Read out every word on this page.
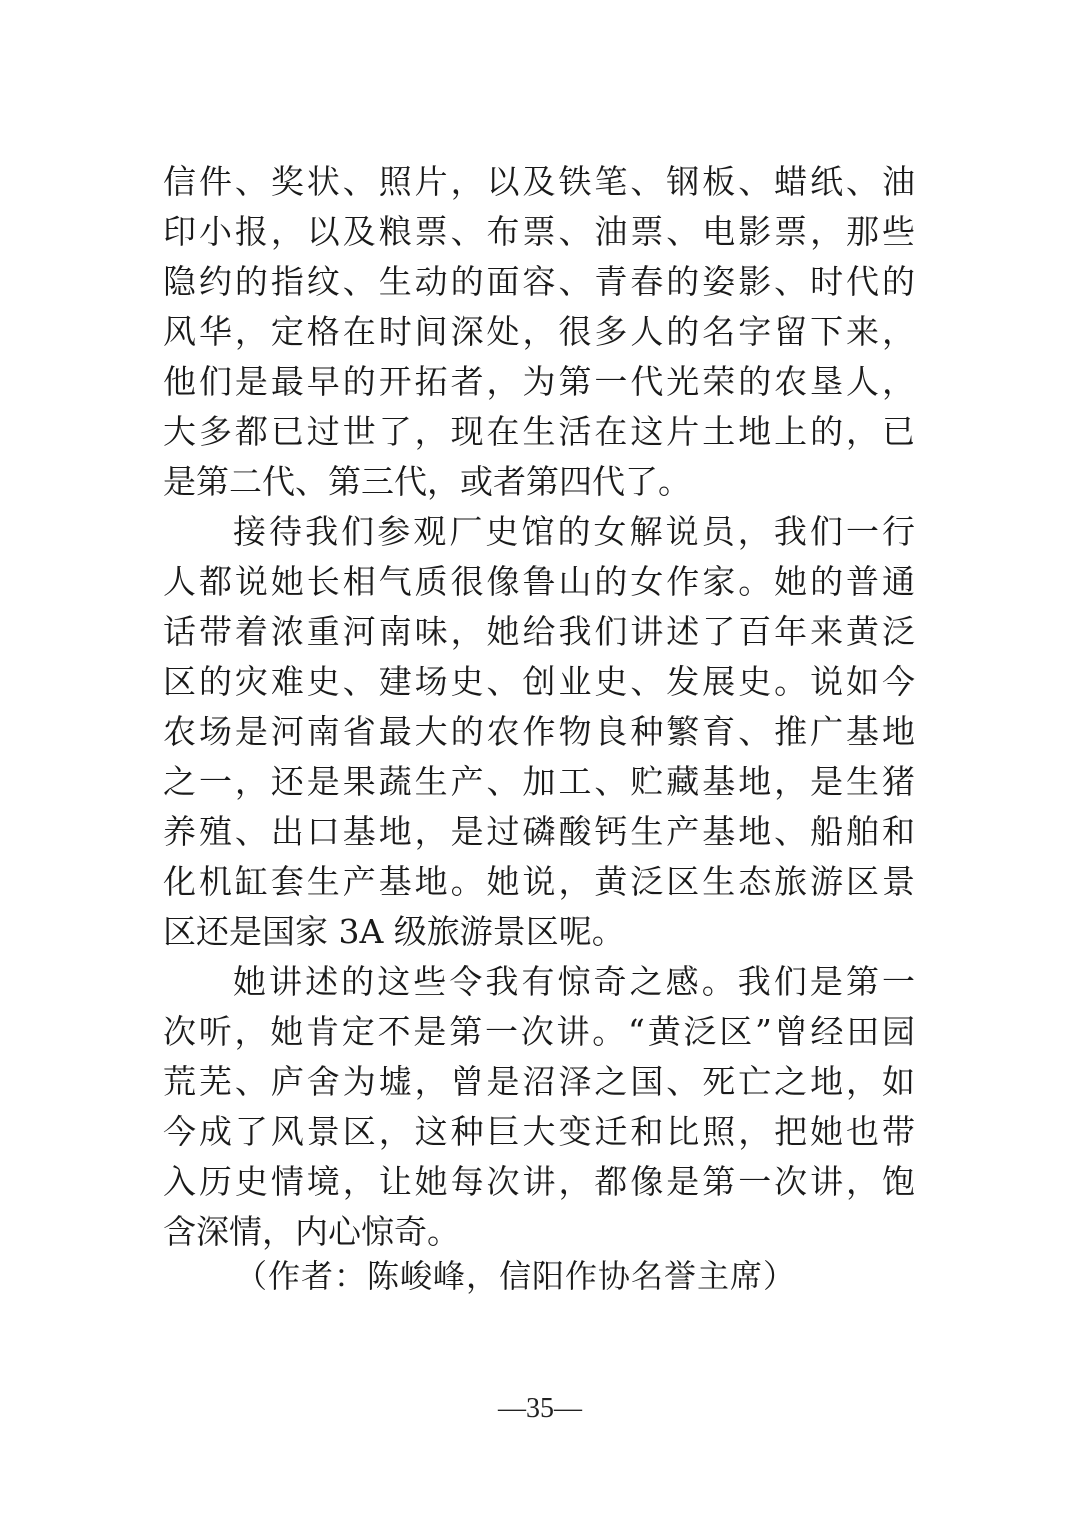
信件、奖状、照片，以及铁笔、钢板、蜡纸、油
印小报，以及粮票、布票、油票、电影票，那些
隐约的指纹、生动的面容、青春的姿影、时代的
风华，定格在时间深处，很多人的名字留下来，
他们是最早的开拓者，为第一代光荣的农垦人，
大多都已过世了，现在生活在这片土地上的，已
是第二代、第三代，或者第四代了。
接待我们参观厂史馆的女解说员，我们一行
人都说她长相气质很像鲁山的女作家。她的普通
话带着浓重河南味，她给我们讲述了百年来黄泛
区的灾难史、建场史、创业史、发展史。说如今
农场是河南省最大的农作物良种繁育、推广基地
之一，还是果蔬生产、加工、贮藏基地，是生猪
养殖、出口基地，是过磷酸钙生产基地、船舶和
化机缸套生产基地。她说，黄泛区生态旅游区景
区还是国家 3A 级旅游景区呢。
她讲述的这些令我有惊奇之感。我们是第一
次听，她肯定不是第一次讲。“黄泛区”曾经田园
荒芜、庐舍为墟，曾是沼泽之国、死亡之地，如
今成了风景区，这种巨大变迁和比照，把她也带
入历史情境，让她每次讲，都像是第一次讲，饱
含深情，内心惊奇。
（作者：陈峻峰，信阳作协名誉主席）
—35—
